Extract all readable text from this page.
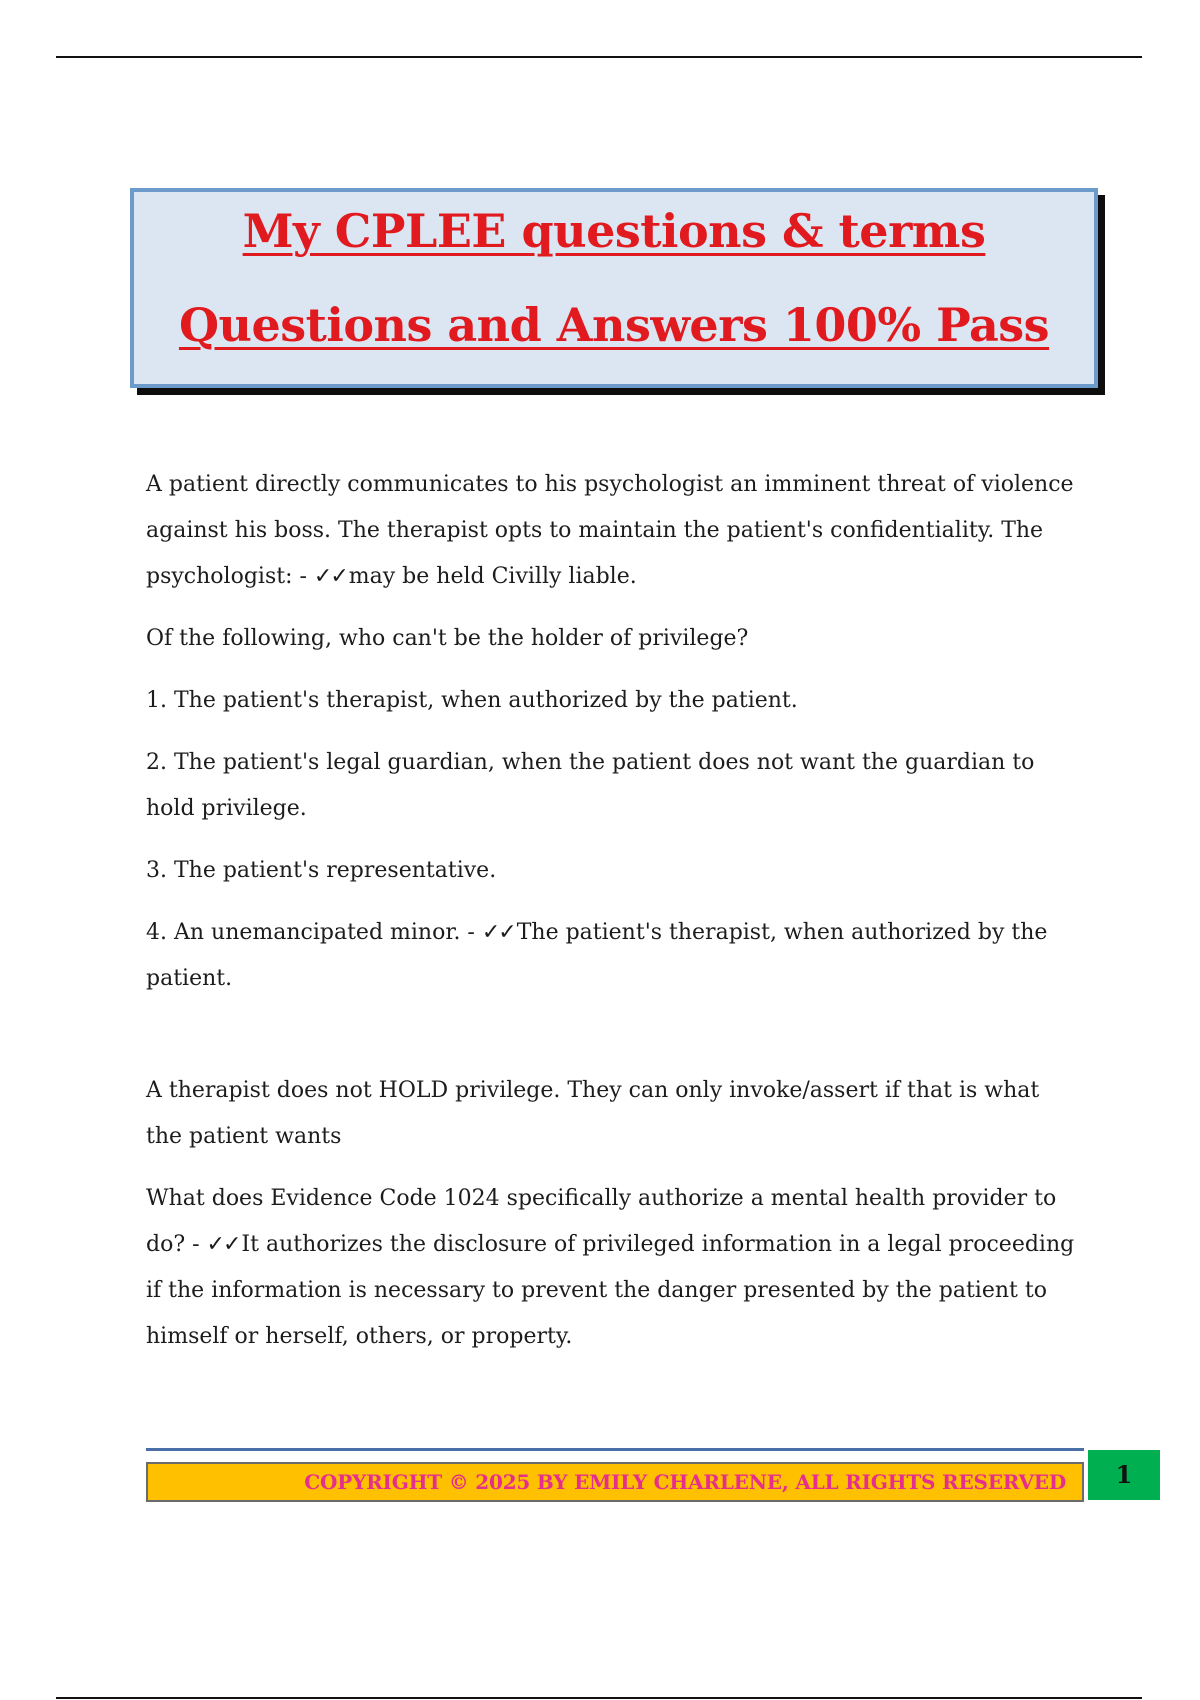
My CPLEE questions & terms
Questions and Answers 100% Pass

A patient directly communicates to his psychologist an imminent threat of violence against his boss. The therapist opts to maintain the patient's confidentiality. The psychologist: - ✓✓may be held Civilly liable.

Of the following, who can't be the holder of privilege?

1. The patient's therapist, when authorized by the patient.

2. The patient's legal guardian, when the patient does not want the guardian to hold privilege.

3. The patient's representative.

4. An unemancipated minor. - ✓✓The patient's therapist, when authorized by the patient.

A therapist does not HOLD privilege. They can only invoke/assert if that is what the patient wants

What does Evidence Code 1024 specifically authorize a mental health provider to do? - ✓✓It authorizes the disclosure of privileged information in a legal proceeding if the information is necessary to prevent the danger presented by the patient to himself or herself, others, or property.

COPYRIGHT © 2025 BY EMILY CHARLENE, ALL RIGHTS RESERVED	1
